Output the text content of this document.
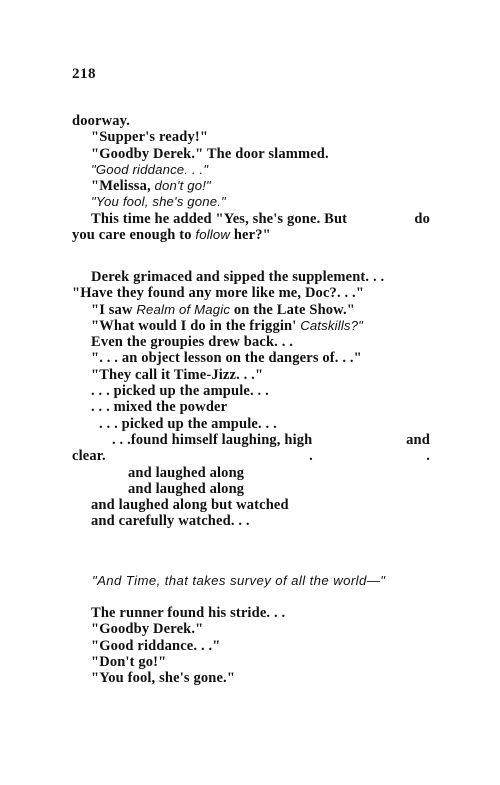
218
doorway.
"Supper's ready!"
"Goodby Derek." The door slammed.
"Good riddance. . ."
"Melissa, don't go!"
"You fool, she's gone."
This time he added "Yes, she's gone. But	do
you care enough to follow her?"
Derek grimaced and sipped the supplement. . .
"Have they found any more like me, Doc?. . ."
"I saw Realm of Magic on the Late Show."
"What would I do in the friggin' Catskills?"
Even the groupies drew back. . .
". . . an object lesson on the dangers of. . ."
"They call it Time-Jizz. . ."
. . . picked up the ampule. . .
. . . mixed the powder
. . . picked up the ampule. . .
. . .found himself laughing, high	and
clear.	.	.
and laughed along
and laughed along
and laughed along but watched
and carefully watched. . .
"And Time, that takes survey of all the world—"
The runner found his stride. . .
"Goodby Derek."
"Good riddance. . ."
"Don't go!"
"You fool, she's gone."
